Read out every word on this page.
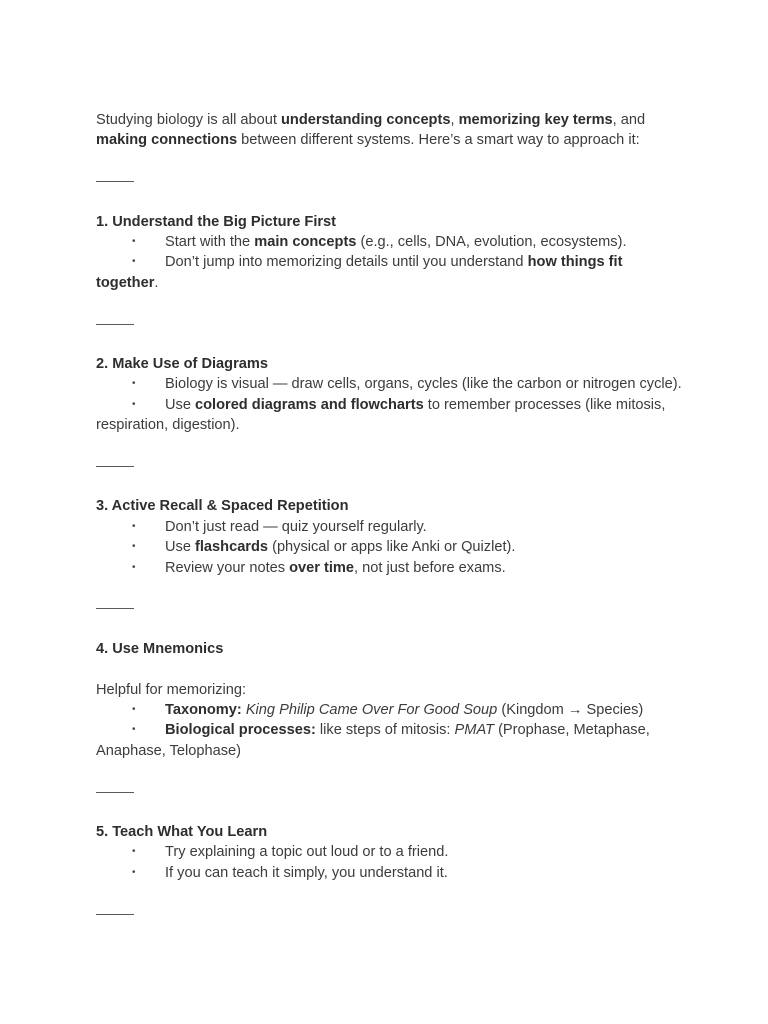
Studying biology is all about understanding concepts, memorizing key terms, and making connections between different systems. Here’s a smart way to approach it:
1. Understand the Big Picture First
• Start with the main concepts (e.g., cells, DNA, evolution, ecosystems).
• Don’t jump into memorizing details until you understand how things fit together.
2. Make Use of Diagrams
• Biology is visual — draw cells, organs, cycles (like the carbon or nitrogen cycle).
• Use colored diagrams and flowcharts to remember processes (like mitosis, respiration, digestion).
3. Active Recall & Spaced Repetition
• Don’t just read — quiz yourself regularly.
• Use flashcards (physical or apps like Anki or Quizlet).
• Review your notes over time, not just before exams.
4. Use Mnemonics
Helpful for memorizing:
• Taxonomy: King Philip Came Over For Good Soup (Kingdom → Species)
• Biological processes: like steps of mitosis: PMAT (Prophase, Metaphase, Anaphase, Telophase)
5. Teach What You Learn
• Try explaining a topic out loud or to a friend.
• If you can teach it simply, you understand it.
